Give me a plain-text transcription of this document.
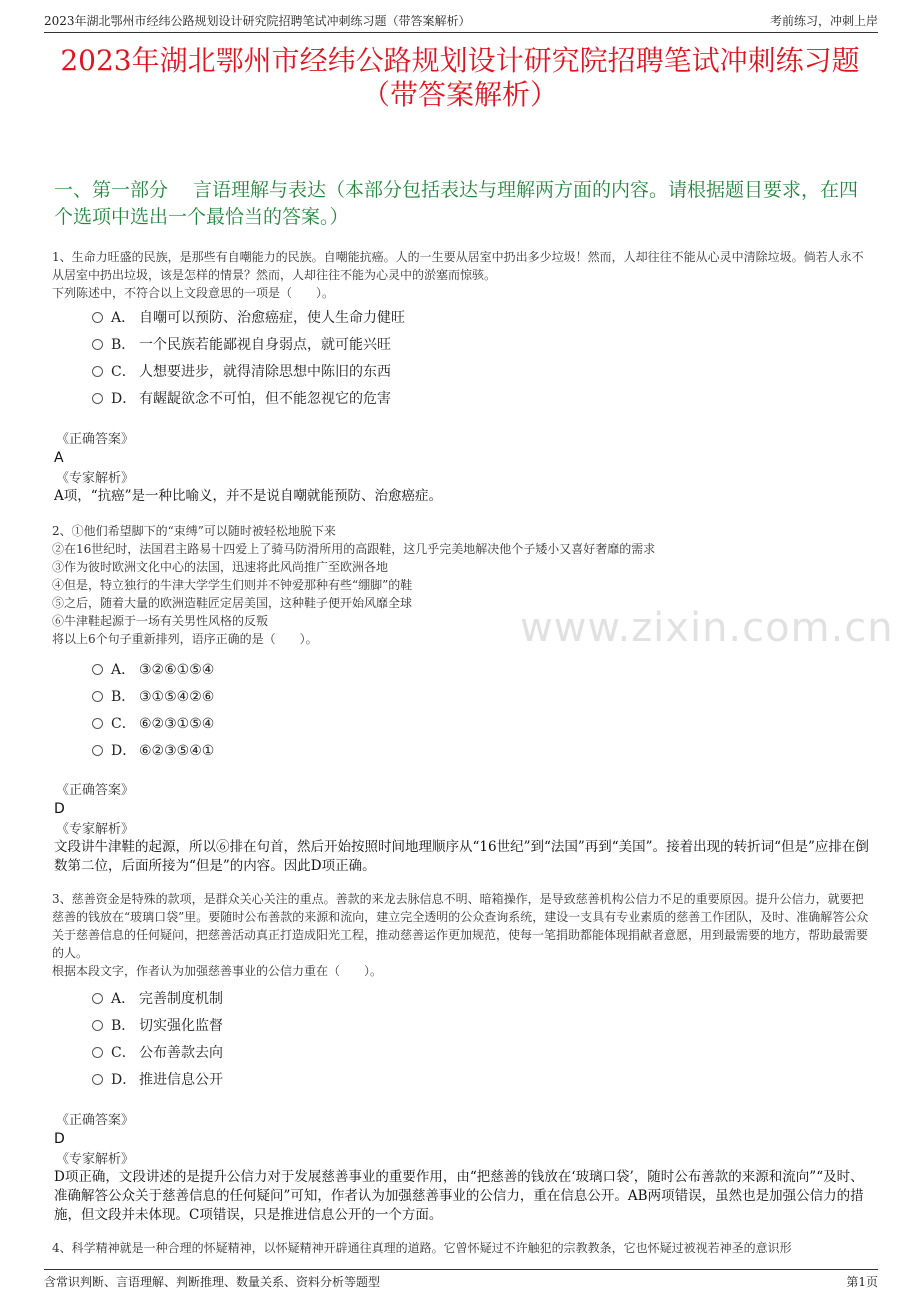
2023年湖北鄂州市经纬公路规划设计研究院招聘笔试冲刺练习题（带答案解析）	考前练习，冲刺上岸
2023年湖北鄂州市经纬公路规划设计研究院招聘笔试冲刺练习题（带答案解析）
一、第一部分　 言语理解与表达（本部分包括表达与理解两方面的内容。请根据题目要求，在四个选项中选出一个最恰当的答案。）

1、生命力旺盛的民族，是那些有自嘲能力的民族。自嘲能抗癌。人的一生要从居室中扔出多少垃圾！然而，人却往往不能从心灵中清除垃圾。倘若人永不从居室中扔出垃圾，该是怎样的情景？然而，人却往往不能为心灵中的淤塞而惊骇。

下列陈述中，不符合以上文段意思的一项是（　　）。

A． 自嘲可以预防、治愈癌症，使人生命力健旺
B． 一个民族若能鄙视自身弱点，就可能兴旺
C． 人想要进步，就得清除思想中陈旧的东西
D． 有龌龊欲念不可怕，但不能忽视它的危害
《正确答案》
A
《专家解析》

A项，“抗癌”是一种比喻义，并不是说自嘲就能预防、治愈癌症。

2、①他们希望脚下的“束缚”可以随时被轻松地脱下来

②在16世纪时，法国君主路易十四爱上了骑马防滑所用的高跟鞋，这几乎完美地解决他个子矮小又喜好奢靡的需求

③作为彼时欧洲文化中心的法国，迅速将此风尚推广至欧洲各地

④但是，特立独行的牛津大学学生们则并不钟爱那种有些“绷脚”的鞋

⑤之后，随着大量的欧洲造鞋匠定居美国，这种鞋子便开始风靡全球

⑥牛津鞋起源于一场有关男性风格的反叛

将以上6个句子重新排列，语序正确的是（　　）。	www.zixin.com.cn
A． ③②⑥①⑤④
B． ③①⑤④②⑥
C． ⑥②③①⑤④
D． ⑥②③⑤④①
《正确答案》
D
《专家解析》

文段讲牛津鞋的起源，所以⑥排在句首，然后开始按照时间地理顺序从“16世纪”到“法国”再到“美国”。接着出现的转折词“但是”应排在倒数第二位，后面所接为“但是”的内容。因此D项正确。

3、慈善资金是特殊的款项，是群众关心关注的重点。善款的来龙去脉信息不明、暗箱操作，是导致慈善机构公信力不足的重要原因。提升公信力，就要把慈善的钱放在“玻璃口袋”里。要随时公布善款的来源和流向，建立完全透明的公众查询系统，建设一支具有专业素质的慈善工作团队，及时、准确解答公众关于慈善信息的任何疑问，把慈善活动真正打造成阳光工程，推动慈善运作更加规范，使每一笔捐助都能体现捐献者意愿，用到最需要的地方，帮助最需要的人。

根据本段文字，作者认为加强慈善事业的公信力重在（　　）。

A． 完善制度机制
B． 切实强化监督
C． 公布善款去向
D． 推进信息公开
《正确答案》
D
《专家解析》

D项正确，文段讲述的是提升公信力对于发展慈善事业的重要作用，由“把慈善的钱放在‘玻璃口袋’，随时公布善款的来源和流向”“及时、准确解答公众关于慈善信息的任何疑问”可知，作者认为加强慈善事业的公信力，重在信息公开。AB两项错误，虽然也是加强公信力的措施，但文段并未体现。C项错误，只是推进信息公开的一个方面。

4、科学精神就是一种合理的怀疑精神，以怀疑精神开辟通往真理的道路。它曾怀疑过不许触犯的宗教教条，它也怀疑过被视若神圣的意识形

含常识判断、言语理解、判断推理、数量关系、资料分析等题型	第1页
